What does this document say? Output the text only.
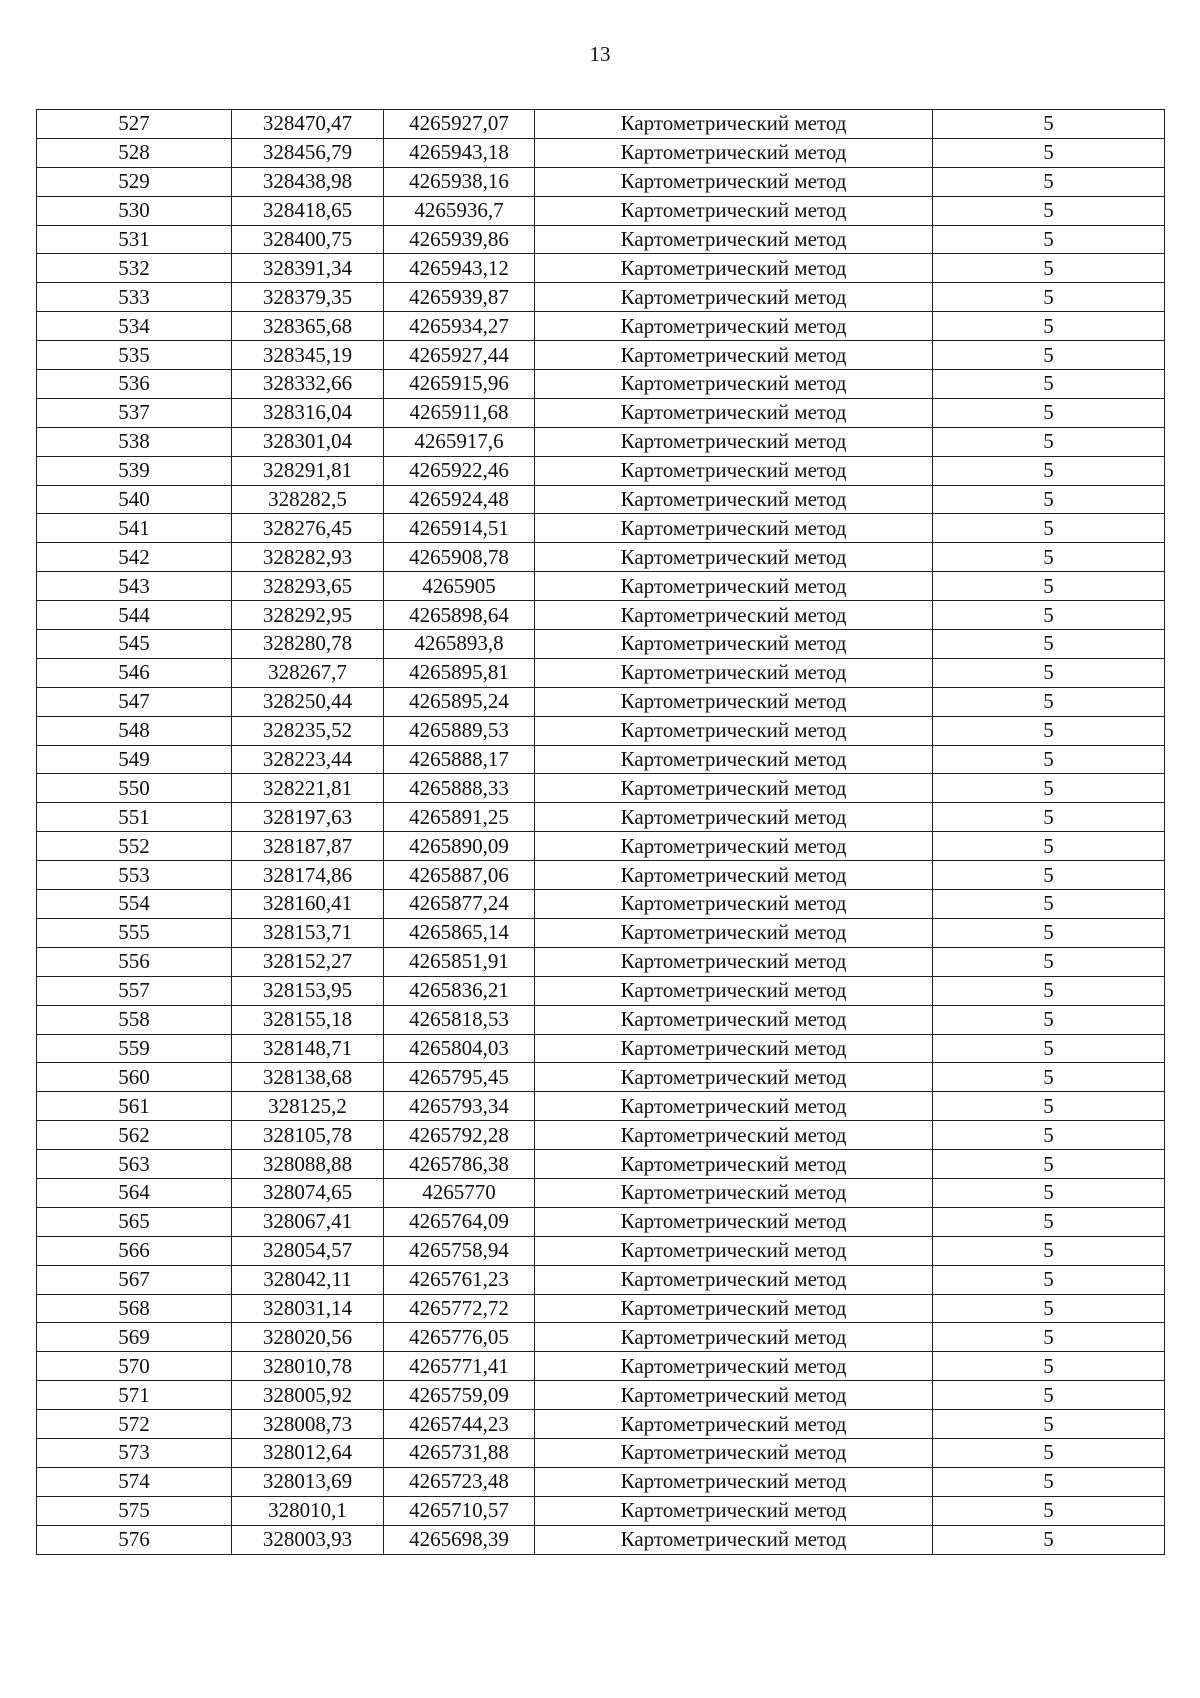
13
527	328470,47	4265927,07	Картометрический метод	5
528	328456,79	4265943,18	Картометрический метод	5
529	328438,98	4265938,16	Картометрический метод	5
530	328418,65	4265936,7	Картометрический метод	5
531	328400,75	4265939,86	Картометрический метод	5
532	328391,34	4265943,12	Картометрический метод	5
533	328379,35	4265939,87	Картометрический метод	5
534	328365,68	4265934,27	Картометрический метод	5
535	328345,19	4265927,44	Картометрический метод	5
536	328332,66	4265915,96	Картометрический метод	5
537	328316,04	4265911,68	Картометрический метод	5
538	328301,04	4265917,6	Картометрический метод	5
539	328291,81	4265922,46	Картометрический метод	5
540	328282,5	4265924,48	Картометрический метод	5
541	328276,45	4265914,51	Картометрический метод	5
542	328282,93	4265908,78	Картометрический метод	5
543	328293,65	4265905	Картометрический метод	5
544	328292,95	4265898,64	Картометрический метод	5
545	328280,78	4265893,8	Картометрический метод	5
546	328267,7	4265895,81	Картометрический метод	5
547	328250,44	4265895,24	Картометрический метод	5
548	328235,52	4265889,53	Картометрический метод	5
549	328223,44	4265888,17	Картометрический метод	5
550	328221,81	4265888,33	Картометрический метод	5
551	328197,63	4265891,25	Картометрический метод	5
552	328187,87	4265890,09	Картометрический метод	5
553	328174,86	4265887,06	Картометрический метод	5
554	328160,41	4265877,24	Картометрический метод	5
555	328153,71	4265865,14	Картометрический метод	5
556	328152,27	4265851,91	Картометрический метод	5
557	328153,95	4265836,21	Картометрический метод	5
558	328155,18	4265818,53	Картометрический метод	5
559	328148,71	4265804,03	Картометрический метод	5
560	328138,68	4265795,45	Картометрический метод	5
561	328125,2	4265793,34	Картометрический метод	5
562	328105,78	4265792,28	Картометрический метод	5
563	328088,88	4265786,38	Картометрический метод	5
564	328074,65	4265770	Картометрический метод	5
565	328067,41	4265764,09	Картометрический метод	5
566	328054,57	4265758,94	Картометрический метод	5
567	328042,11	4265761,23	Картометрический метод	5
568	328031,14	4265772,72	Картометрический метод	5
569	328020,56	4265776,05	Картометрический метод	5
570	328010,78	4265771,41	Картометрический метод	5
571	328005,92	4265759,09	Картометрический метод	5
572	328008,73	4265744,23	Картометрический метод	5
573	328012,64	4265731,88	Картометрический метод	5
574	328013,69	4265723,48	Картометрический метод	5
575	328010,1	4265710,57	Картометрический метод	5
576	328003,93	4265698,39	Картометрический метод	5
